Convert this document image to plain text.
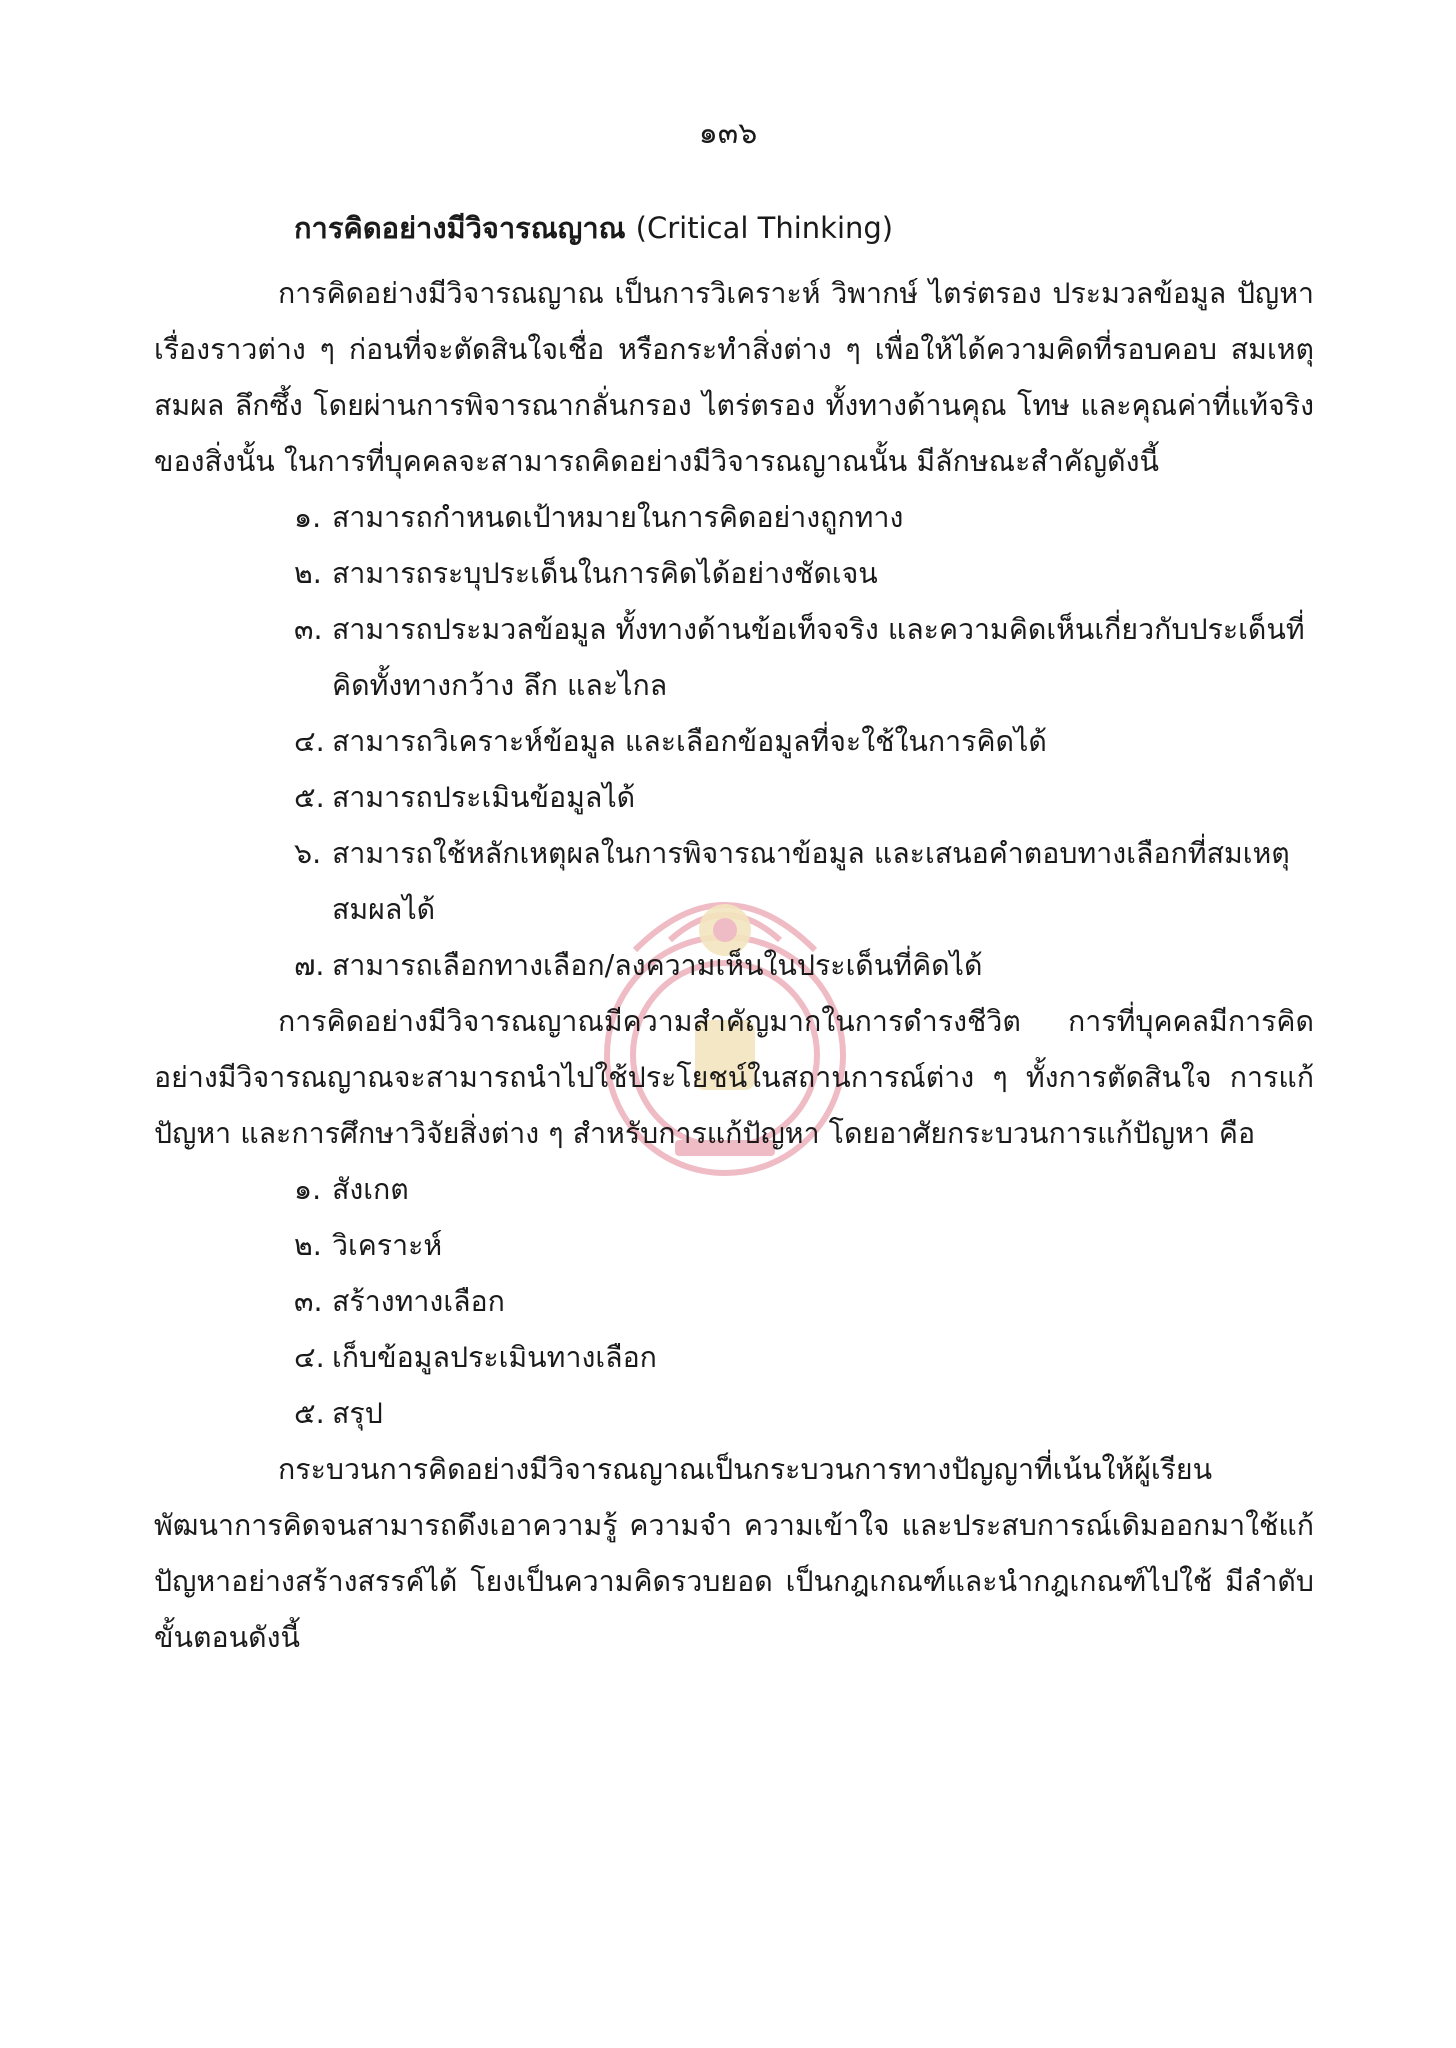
๑๓๖
การคิดอย่างมีวิจารณญาณ (Critical Thinking)

การคิดอย่างมีวิจารณญาณ เป็นการวิเคราะห์ วิพากษ์ ไตร่ตรอง ประมวลข้อมูล ปัญหา เรื่องราวต่าง ๆ ก่อนที่จะตัดสินใจเชื่อ หรือกระทำสิ่งต่าง ๆ เพื่อให้ได้ความคิดที่รอบคอบ สมเหตุสมผล ลึกซึ้ง โดยผ่านการพิจารณากลั่นกรอง ไตร่ตรอง ทั้งทางด้านคุณ โทษ และคุณค่าที่แท้จริงของสิ่งนั้น ในการที่บุคคลจะสามารถคิดอย่างมีวิจารณญาณนั้น มีลักษณะสำคัญดังนี้

๑. สามารถกำหนดเป้าหมายในการคิดอย่างถูกทาง
๒. สามารถระบุประเด็นในการคิดได้อย่างชัดเจน
๓. สามารถประมวลข้อมูล ทั้งทางด้านข้อเท็จจริง และความคิดเห็นเกี่ยวกับประเด็นที่คิดทั้งทางกว้าง ลึก และไกล
๔. สามารถวิเคราะห์ข้อมูล และเลือกข้อมูลที่จะใช้ในการคิดได้
๕. สามารถประเมินข้อมูลได้
๖. สามารถใช้หลักเหตุผลในการพิจารณาข้อมูล และเสนอคำตอบทางเลือกที่สมเหตุสมผลได้
๗. สามารถเลือกทางเลือก/ลงความเห็นในประเด็นที่คิดได้

การคิดอย่างมีวิจารณญาณมีความสำคัญมากในการดำรงชีวิต การที่บุคคลมีการคิดอย่างมีวิจารณญาณจะสามารถนำไปใช้ประโยชน์ในสถานการณ์ต่าง ๆ ทั้งการตัดสินใจ การแก้ปัญหา และการศึกษาวิจัยสิ่งต่าง ๆ สำหรับการแก้ปัญหา โดยอาศัยกระบวนการแก้ปัญหา คือ

๑. สังเกต
๒. วิเคราะห์
๓. สร้างทางเลือก
๔. เก็บข้อมูลประเมินทางเลือก
๕. สรุป

กระบวนการคิดอย่างมีวิจารณญาณเป็นกระบวนการทางปัญญาที่เน้นให้ผู้เรียนพัฒนาการคิดจนสามารถดึงเอาความรู้ ความจำ ความเข้าใจ และประสบการณ์เดิมออกมาใช้แก้ปัญหาอย่างสร้างสรรค์ได้ โยงเป็นความคิดรวบยอด เป็นกฎเกณฑ์และนำกฎเกณฑ์ไปใช้ มีลำดับขั้นตอนดังนี้
